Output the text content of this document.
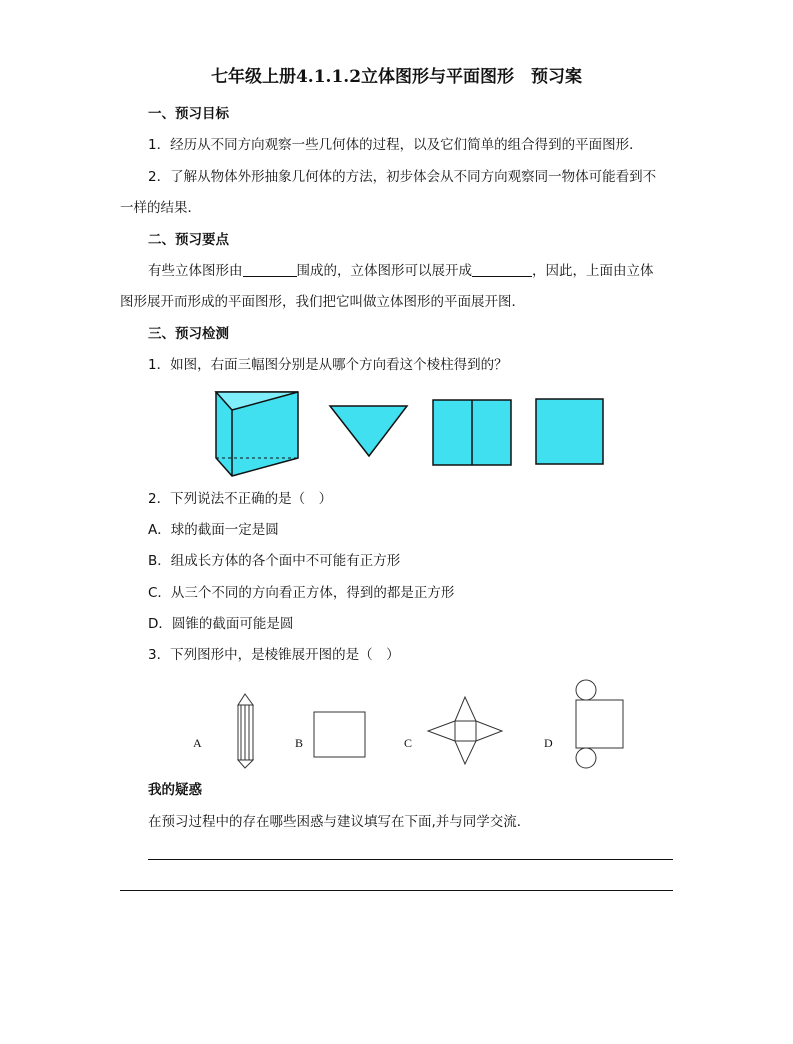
七年级上册4.1.1.2立体图形与平面图形　预习案
一、预习目标
1．经历从不同方向观察一些几何体的过程，以及它们简单的组合得到的平面图形．
2．了解从物体外形抽象几何体的方法，初步体会从不同方向观察同一物体可能看到不
一样的结果．
二、预习要点
有些立体图形由	围成的，立体图形可以展开成	，因此，上面由立体
图形展开而形成的平面图形，我们把它叫做立体图形的平面展开图．
三、预习检测
1．如图，右面三幅图分别是从哪个方向看这个棱柱得到的？
A	B	C	D
2．下列说法不正确的是（　）
A．球的截面一定是圆
B．组成长方体的各个面中不可能有正方形
C．从三个不同的方向看正方体，得到的都是正方形
D．圆锥的截面可能是圆
3．下列图形中，是棱锥展开图的是（　）
我的疑惑
在预习过程中的存在哪些困惑与建议填写在下面,并与同学交流．
